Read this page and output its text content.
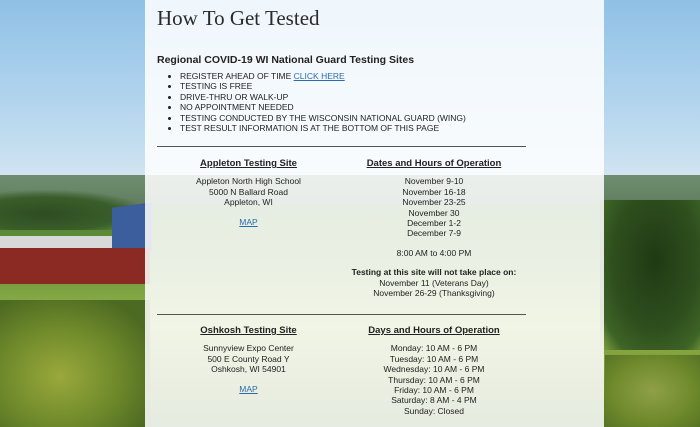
How To Get Tested
Regional COVID-19 WI National Guard Testing Sites
• REGISTER AHEAD OF TIME CLICK HERE
• TESTING IS FREE
• DRIVE-THRU OR WALK-UP
• NO APPOINTMENT NEEDED
• TESTING CONDUCTED BY THE WISCONSIN NATIONAL GUARD (WING)
• TEST RESULT INFORMATION IS AT THE BOTTOM OF THIS PAGE
Appleton Testing Site
Appleton North High School
5000 N Ballard Road
Appleton, WI
MAP
Dates and Hours of Operation
November 9-10
November 16-18
November 23-25
November 30
December 1-2
December 7-9
8:00 AM to 4:00 PM
Testing at this site will not take place on:
November 11 (Veterans Day)
November 26-29 (Thanksgiving)
Oshkosh Testing Site
Sunnyview Expo Center
500 E County Road Y
Oshkosh, WI 54901
MAP
Days and Hours of Operation
Monday: 10 AM - 6 PM
Tuesday: 10 AM - 6 PM
Wednesday: 10 AM - 6 PM
Thursday: 10 AM - 6 PM
Friday: 10 AM - 6 PM
Saturday: 8 AM - 4 PM
Sunday: Closed
